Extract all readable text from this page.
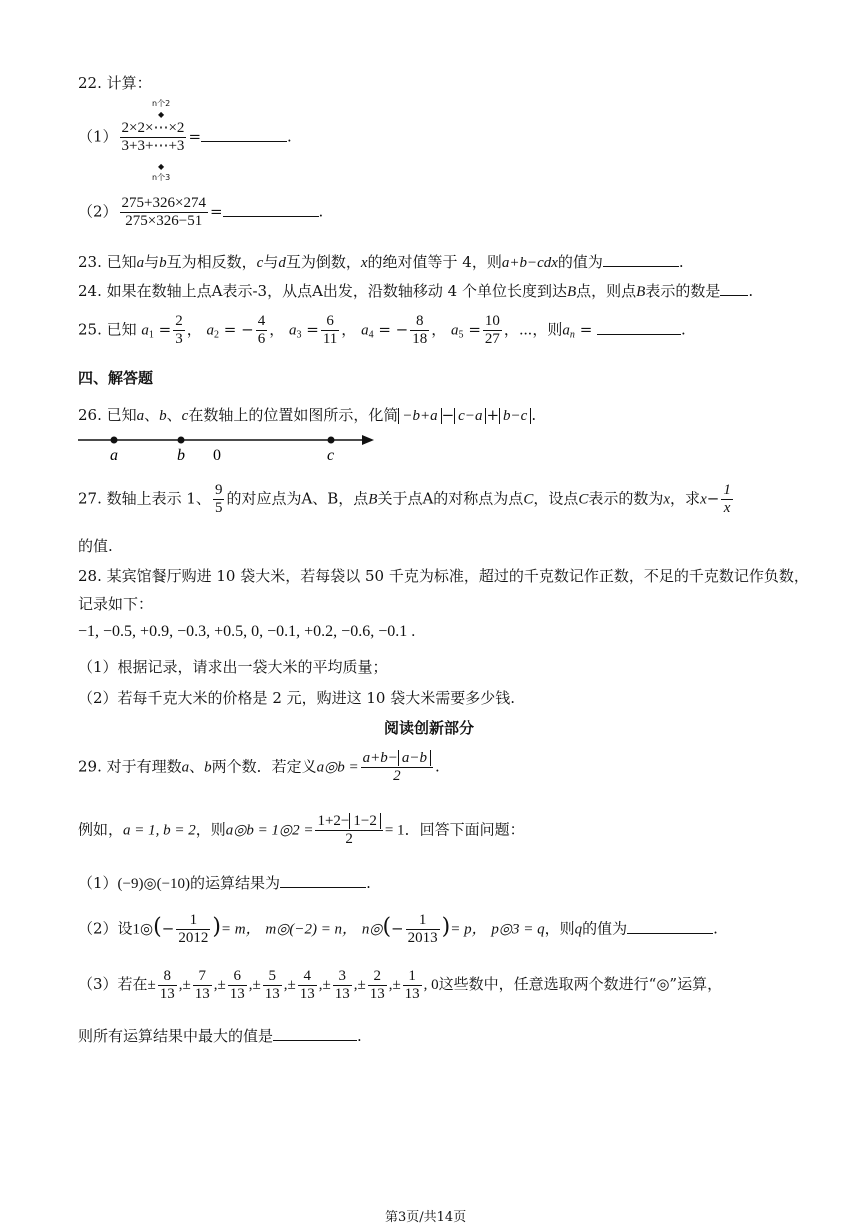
22. 计算：
n个2
◆
$(1) \frac{2\times 2\times\cdots\times 2}{3+3+\cdots+3}$ =	.
◆
n个3
$(2) \frac{275+326\times 274}{275\times 326-51}$ =	.
23. 已知a与b互为相反数，c与d互为倒数，x的绝对值等于 4，则a+b−cdx的值为	.
24. 如果在数轴上点A表示-3，从点A出发，沿数轴移动 4 个单位长度到达B点，则点B表示的数是 .
25. 已知 $a_1 = \frac{2}{3}$ ， $a_2$ = − $\frac{4}{6}$ ， $a_3 = \frac{6}{11}$ ， $a_4$ = − $\frac{8}{18}$ ， $a_5 = \frac{10}{27}$ ，⋯，则$a_n$ =	.
四、解答题
26. 已知a、b、c在数轴上的位置如图所示，化简 −b+a − c−a + b−c .
a	b 0	c
27. 数轴上表示 1、 $\frac{9}{5}$ 的对应点为A、B，点B关于点A的对称点为点C，设点C表示的数为x，求$x- \frac{1}{x}$
的值.
28. 某宾馆餐厅购进 10 袋大米，若每袋以 50 千克为标准，超过的千克数记作正数，不足的千克数记作负数，
记录如下：
−1, −0.5, +0.9, −0.3, +0.5, 0, −0.1, +0.2, −0.6, −0.1 .
（1）根据记录，请求出一袋大米的平均质量；
（2）若每千克大米的价格是 2 元，购进这 10 袋大米需要多少钱.
阅读创新部分
29. 对于有理数a、b两个数．若定义a◎b = $\frac{a+b- a-b}{2}$ .
例如，a = 1, b = 2，则a◎b = 1◎2 = $\frac{1+2- 1-2}{2} = 1$．回答下面问题：
（1）(−9)◎(−10)的运算结果为	.
（2）设1◎(− $\frac{1}{2012}$ )= m， m◎(−2) = n， n◎(− $\frac{1}{2013}$ )= p， p◎3 = q，则q的值为	.
（3）若在± $\frac{8}{13}$ ,± $\frac{7}{13}$ ,± $\frac{6}{13}$ ,± $\frac{5}{13}$ ,± $\frac{4}{13}$ ,± $\frac{3}{13}$ ,± $\frac{2}{13}$ ,± $\frac{1}{13}$ , 0这些数中，任意选取两个数进行“◎”运算，
则所有运算结果中最大的值是	.
第3页/共14页
